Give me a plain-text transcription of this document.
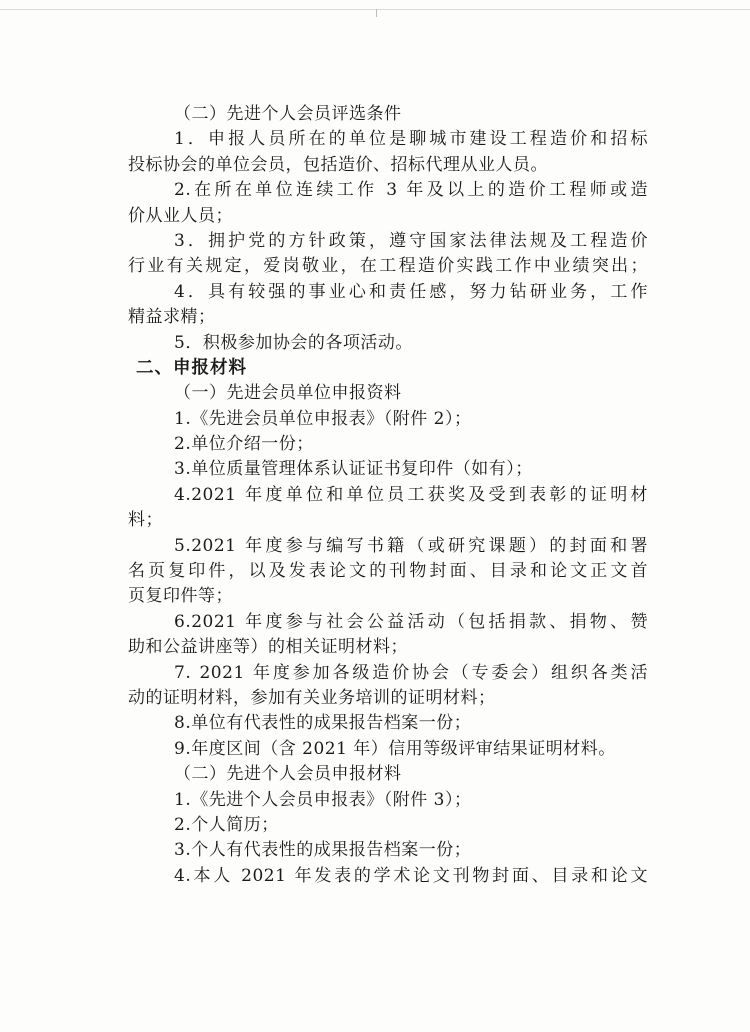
（二）先进个人会员评选条件
1．申报人员所在的单位是聊城市建设工程造价和招标
投标协会的单位会员，包括造价、招标代理从业人员。
2.在所在单位连续工作 3 年及以上的造价工程师或造
价从业人员；
3．拥护党的方针政策，遵守国家法律法规及工程造价
行业有关规定，爱岗敬业，在工程造价实践工作中业绩突出；
4．具有较强的事业心和责任感，努力钻研业务，工作
精益求精；
5．积极参加协会的各项活动。
二、申报材料
（一）先进会员单位申报资料
1.《先进会员单位申报表》（附件 2）；
2.单位介绍一份；
3.单位质量管理体系认证证书复印件（如有）；
4.2021 年度单位和单位员工获奖及受到表彰的证明材
料；
5.2021 年度参与编写书籍（或研究课题）的封面和署
名页复印件，以及发表论文的刊物封面、目录和论文正文首
页复印件等；
6.2021 年度参与社会公益活动（包括捐款、捐物、赞
助和公益讲座等）的相关证明材料；
7. 2021 年度参加各级造价协会（专委会）组织各类活
动的证明材料，参加有关业务培训的证明材料；
8.单位有代表性的成果报告档案一份；
9.年度区间（含 2021 年）信用等级评审结果证明材料。
（二）先进个人会员申报材料
1.《先进个人会员申报表》（附件 3）；
2.个人简历；
3.个人有代表性的成果报告档案一份；
4.本人 2021 年发表的学术论文刊物封面、目录和论文
